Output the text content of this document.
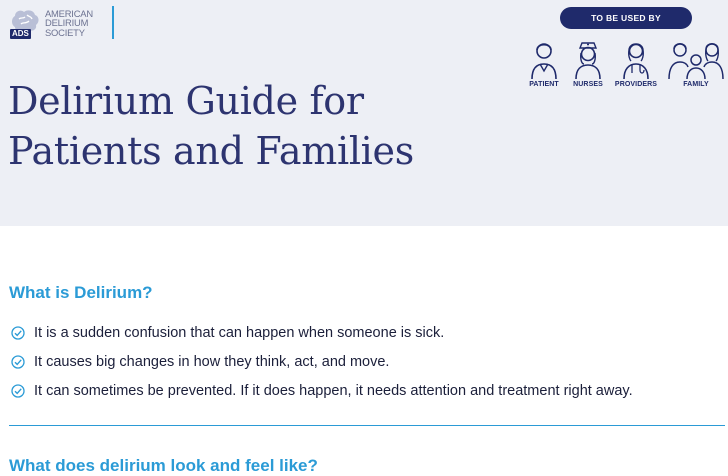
ADS
AMERICAN
DELIRIUM
SOCIETY
TO BE USED BY
PATIENT	NURSES	PROVIDERS	FAMILY
Delirium Guide for
Patients and Families
What is Delirium?
It is a sudden confusion that can happen when someone is sick.
It causes big changes in how they think, act, and move.
It can sometimes be prevented. If it does happen, it needs attention and treatment right away.
What does delirium look and feel like?
